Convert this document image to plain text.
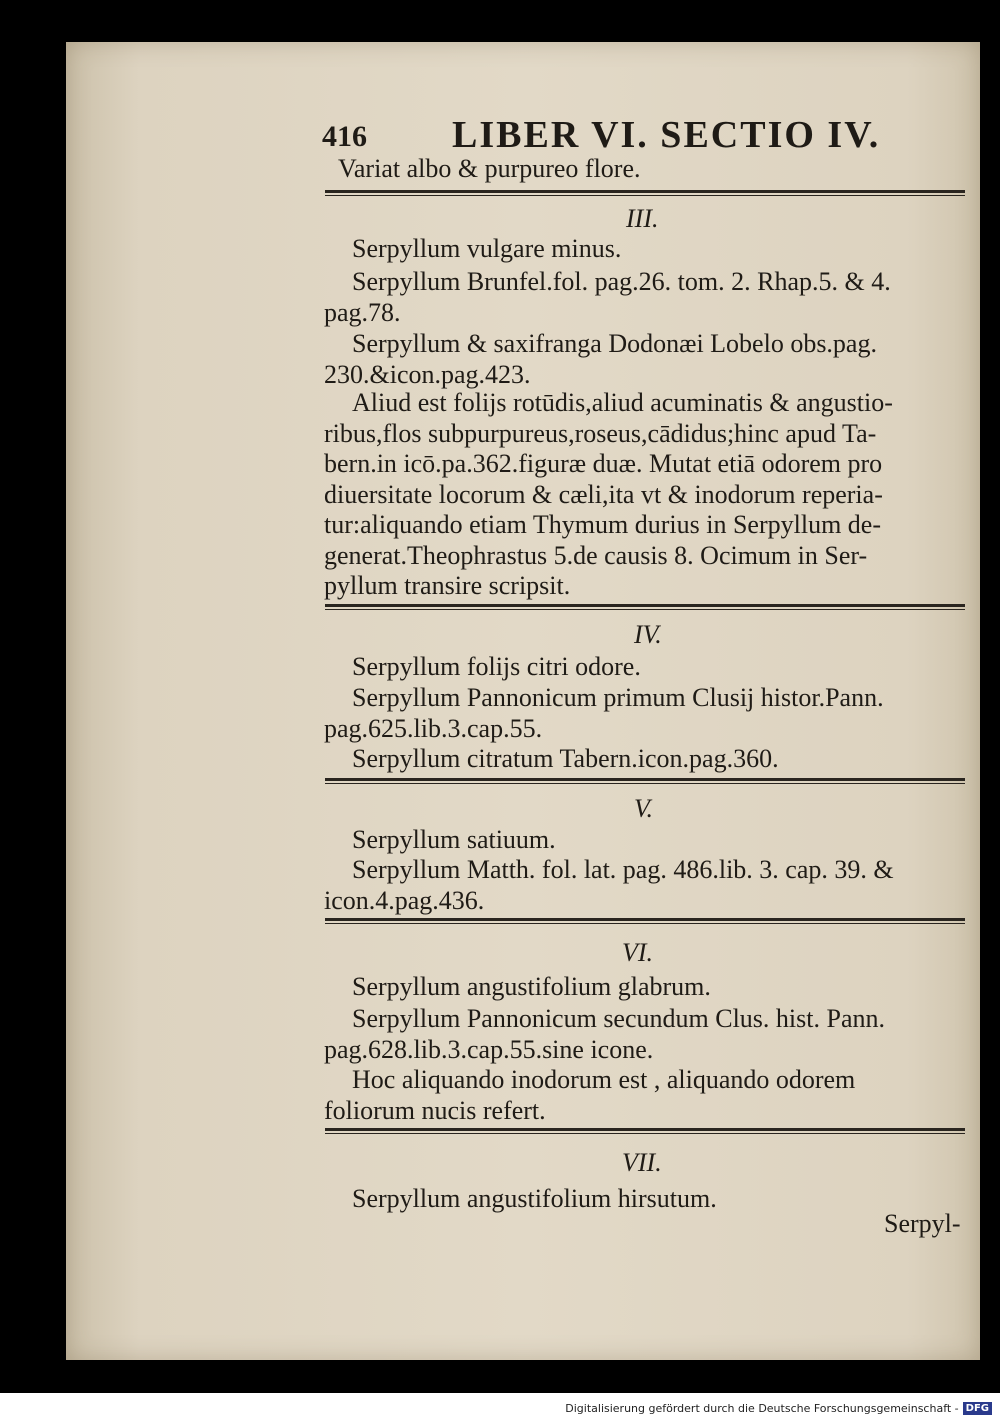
416 LIBER VI. SECTIO IV.
Variat albo & purpureo flore.
III.
Serpyllum vulgare minus.
Serpyllum Brunfel.fol. pag.26. tom. 2. Rhap.5. & 4.
pag.78.
Serpyllum & saxifranga Dodonæi Lobelo obs.pag.
230.&icon.pag.423.
Aliud est folijs rotūdis,aliud acuminatis & angustio-
ribus,flos subpurpureus,roseus,cādidus;hinc apud Ta-
bern.in icō.pa.362.figuræ duæ. Mutat etiā odorem pro
diuersitate locorum & cæli,ita vt & inodorum reperia-
tur:aliquando etiam Thymum durius in Serpyllum de-
generat.Theophrastus 5.de causis 8. Ocimum in Ser-
pyllum transire scripsit.
IV.
Serpyllum folijs citri odore.
Serpyllum Pannonicum primum Clusij histor.Pann.
pag.625.lib.3.cap.55.
Serpyllum citratum Tabern.icon.pag.360.
V.
Serpyllum satiuum.
Serpyllum Matth. fol. lat. pag. 486.lib. 3. cap. 39. &
icon.4.pag.436.
VI.
Serpyllum angustifolium glabrum.
Serpyllum Pannonicum secundum Clus. hist. Pann.
pag.628.lib.3.cap.55.sine icone.
Hoc aliquando inodorum est , aliquando odorem
foliorum nucis refert.
VII.
Serpyllum angustifolium hirsutum.
Serpyl-
Digitalisierung gefördert durch die Deutsche Forschungsgemeinschaft - DFG
